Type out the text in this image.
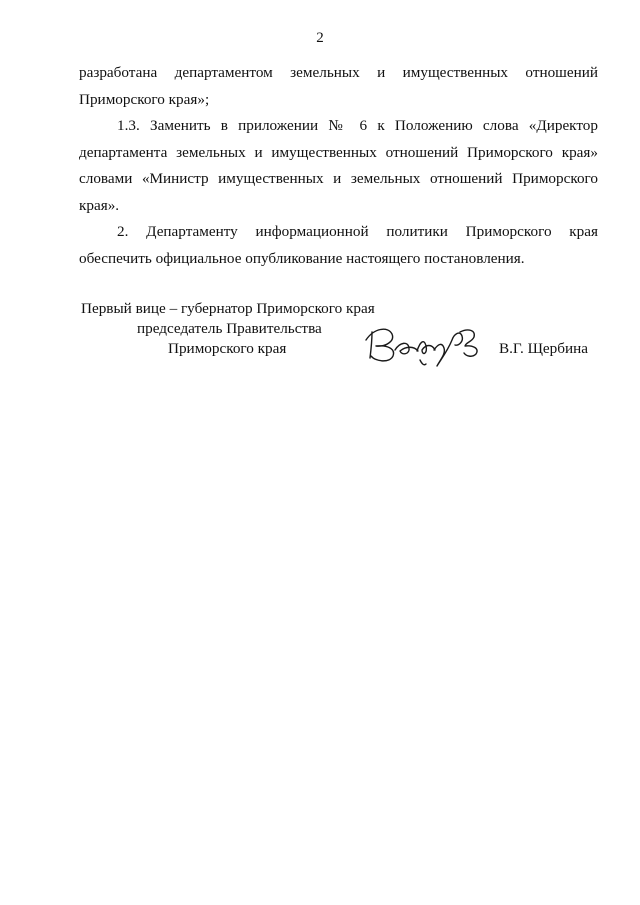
2

разработана департаментом земельных и имущественных отношений Приморского края»;

1.3. Заменить в приложении № 6 к Положению слова «Директор департамента земельных и имущественных отношений Приморского края» словами «Министр имущественных и земельных отношений Приморского края».

2. Департаменту информационной политики Приморского края обеспечить официальное опубликование настоящего постановления.

Первый вице – губернатор Приморского края
председатель Правительства
Приморского края	В.Г. Щербина
